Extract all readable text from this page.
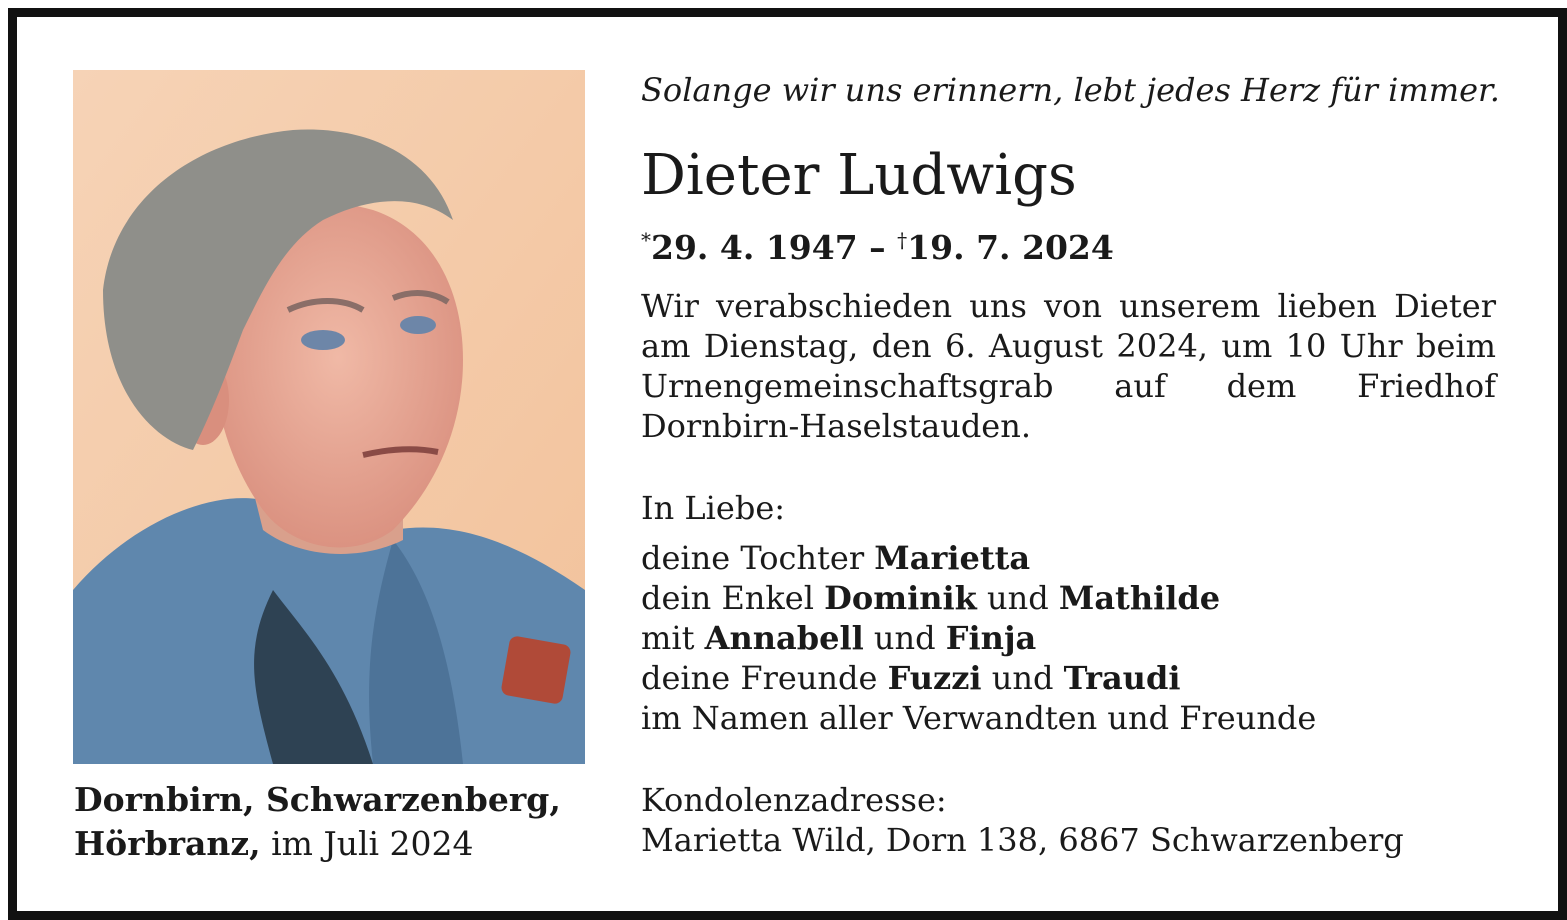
Dornbirn, Schwarzenberg,
Hörbranz, im Juli 2024
Solange wir uns erinnern, lebt jedes Herz für immer.
Dieter Ludwigs
*29. 4. 1947 – †19. 7. 2024
Wir verabschieden uns von unserem lieben Dieter am Dienstag, den 6. August 2024, um 10 Uhr beim Urnengemeinschaftsgrab auf dem Friedhof Dornbirn-Haselstauden.
In Liebe:
deine Tochter Marietta
dein Enkel Dominik und Mathilde
mit Annabell und Finja
deine Freunde Fuzzi und Traudi
im Namen aller Verwandten und Freunde
Kondolenzadresse:
Marietta Wild, Dorn 138, 6867 Schwarzenberg
